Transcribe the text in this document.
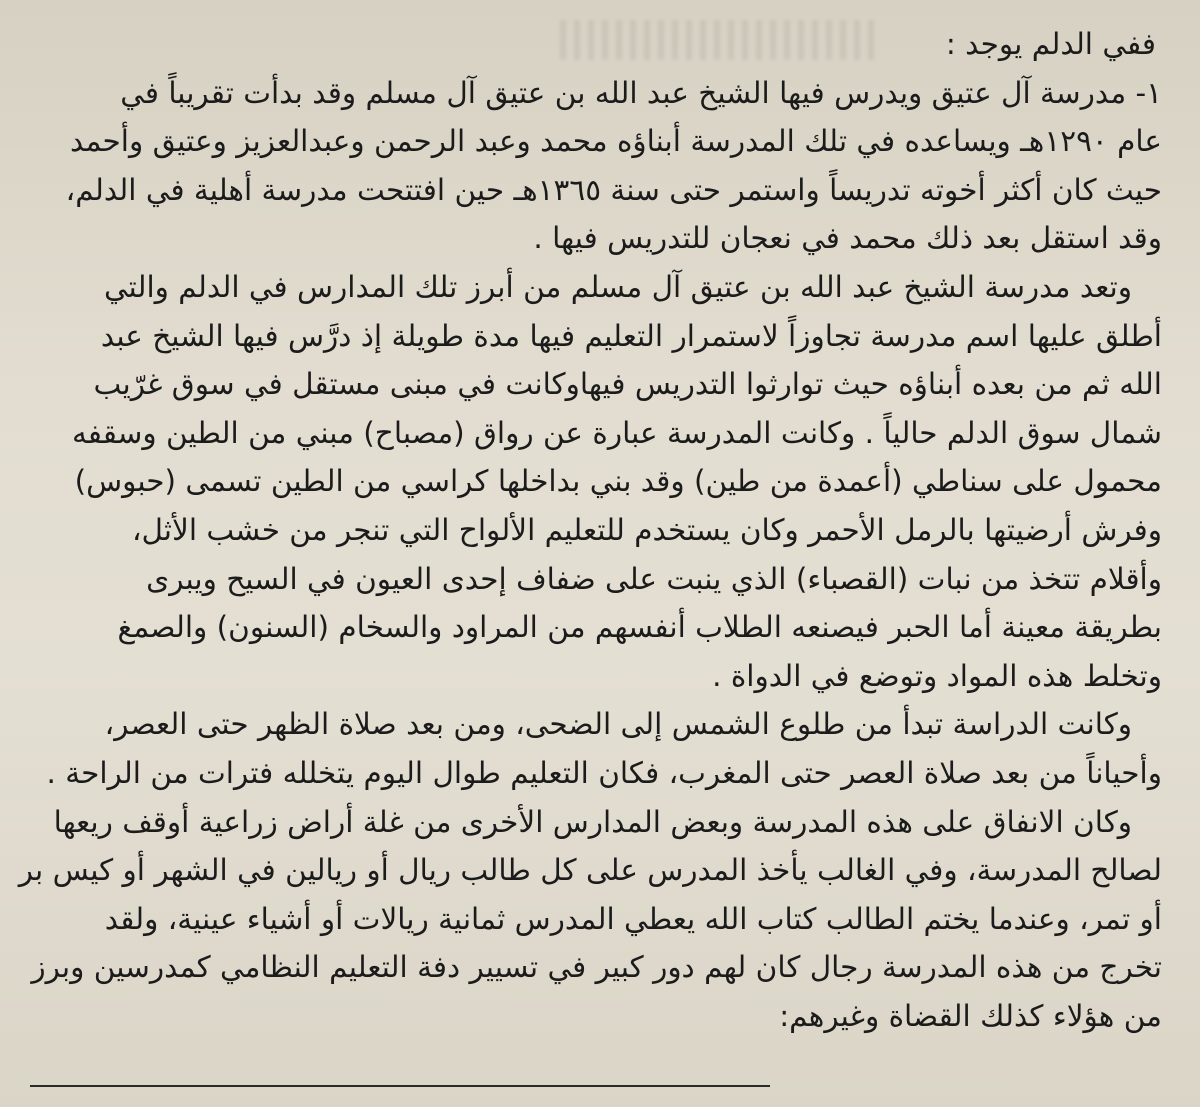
ففي الدلم يوجد :
١- مدرسة آل عتيق ويدرس فيها الشيخ عبد الله بن عتيق آل مسلم وقد بدأت تقريباً في
عام ١٢٩٠هـ ويساعده في تلك المدرسة أبناؤه محمد وعبد الرحمن وعبدالعزيز وعتيق وأحمد
حيث كان أكثر أخوته تدريساً واستمر حتى سنة ١٣٦٥هـ حين افتتحت مدرسة أهلية في الدلم،
وقد استقل بعد ذلك محمد في نعجان للتدريس فيها .
وتعد مدرسة الشيخ عبد الله بن عتيق آل مسلم من أبرز تلك المدارس في الدلم والتي
أطلق عليها اسم مدرسة تجاوزاً لاستمرار التعليم فيها مدة طويلة إذ درَّس فيها الشيخ عبد
الله ثم من بعده أبناؤه حيث توارثوا التدريس فيهاوكانت في مبنى مستقل في سوق غرّيب
شمال سوق الدلم حالياً . وكانت المدرسة عبارة عن رواق (مصباح) مبني من الطين وسقفه
محمول على سناطي (أعمدة من طين) وقد بني بداخلها كراسي من الطين تسمى (حبوس)
وفرش أرضيتها بالرمل الأحمر وكان يستخدم للتعليم الألواح التي تنجر من خشب الأثل،
وأقلام تتخذ من نبات (القصباء) الذي ينبت على ضفاف إحدى العيون في السيح ويبرى
بطريقة معينة أما الحبر فيصنعه الطلاب أنفسهم من المراود والسخام (السنون) والصمغ
وتخلط هذه المواد وتوضع في الدواة .
وكانت الدراسة تبدأ من طلوع الشمس إلى الضحى، ومن بعد صلاة الظهر حتى العصر،
وأحياناً من بعد صلاة العصر حتى المغرب، فكان التعليم طوال اليوم يتخلله فترات من الراحة .
وكان الانفاق على هذه المدرسة وبعض المدارس الأخرى من غلة أراض زراعية أوقف ريعها
لصالح المدرسة، وفي الغالب يأخذ المدرس على كل طالب ريال أو ريالين في الشهر أو كيس بر
أو تمر، وعندما يختم الطالب كتاب الله يعطي المدرس ثمانية ريالات أو أشياء عينية، ولقد
تخرج من هذه المدرسة رجال كان لهم دور كبير في تسيير دفة التعليم النظامي كمدرسين وبرز
من هؤلاء كذلك القضاة وغيرهم:
